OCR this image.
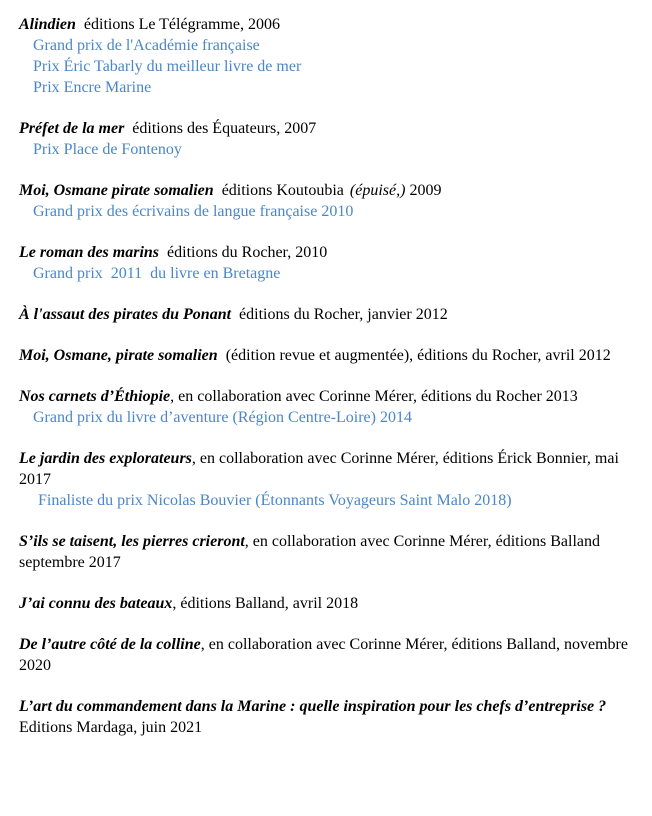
Alindien éditions Le Télégramme, 2006
Grand prix de l'Académie française
Prix Éric Tabarly du meilleur livre de mer
Prix Encre Marine
Préfet de la mer éditions des Équateurs, 2007
Prix Place de Fontenoy
Moi, Osmane pirate somalien éditions Koutoubia (épuisé,) 2009
Grand prix des écrivains de langue française 2010
Le roman des marins éditions du Rocher, 2010
Grand prix  2011  du livre en Bretagne
À l'assaut des pirates du Ponant éditions du Rocher, janvier 2012
Moi, Osmane, pirate somalien (édition revue et augmentée), éditions du Rocher, avril 2012
Nos carnets d’Éthiopie, en collaboration avec Corinne Mérer, éditions du Rocher 2013
Grand prix du livre d’aventure (Région Centre-Loire) 2014
Le jardin des explorateurs, en collaboration avec Corinne Mérer, éditions Érick Bonnier, mai 2017
Finaliste du prix Nicolas Bouvier (Étonnants Voyageurs Saint Malo 2018)
S’ils se taisent, les pierres crieront, en collaboration avec Corinne Mérer, éditions Balland septembre 2017
J’ai connu des bateaux, éditions Balland, avril 2018
De l’autre côté de la colline, en collaboration avec Corinne Mérer, éditions Balland, novembre 2020
L’art du commandement dans la Marine : quelle inspiration pour les chefs d’entreprise ? Editions Mardaga, juin 2021
